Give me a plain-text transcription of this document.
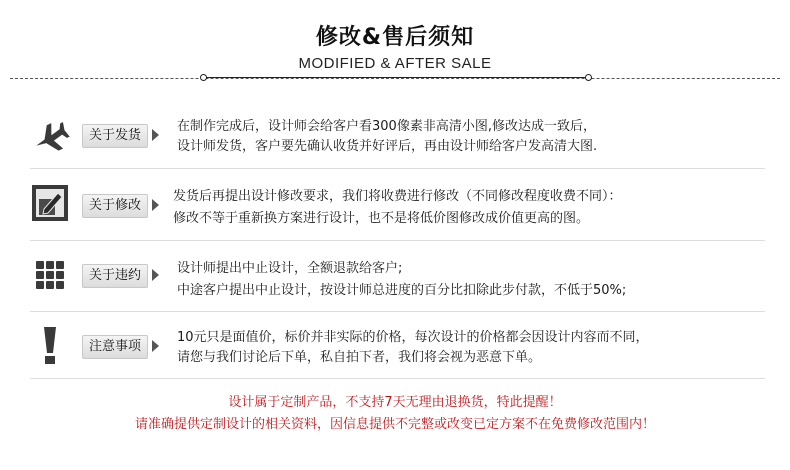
修改&售后须知
MODIFIED & AFTER SALE
关于发货
在制作完成后，设计师会给客户看300像素非高清小图,修改达成一致后，
设计师发货，客户要先确认收货并好评后，再由设计师给客户发高清大图.
关于修改
发货后再提出设计修改要求，我们将收费进行修改（不同修改程度收费不同）：
修改不等于重新换方案进行设计，也不是将低价图修改成价值更高的图。
关于违约	设计师提出中止设计，全额退款给客户;
中途客户提出中止设计，按设计师总进度的百分比扣除此步付款，不低于50%;
注意事项
10元只是面值价，标价并非实际的价格，每次设计的价格都会因设计内容而不同，
请您与我们讨论后下单，私自拍下者，我们将会视为恶意下单。
设计属于定制产品，不支持7天无理由退换货，特此提醒！
请准确提供定制设计的相关资料，因信息提供不完整或改变已定方案不在免费修改范围内！
